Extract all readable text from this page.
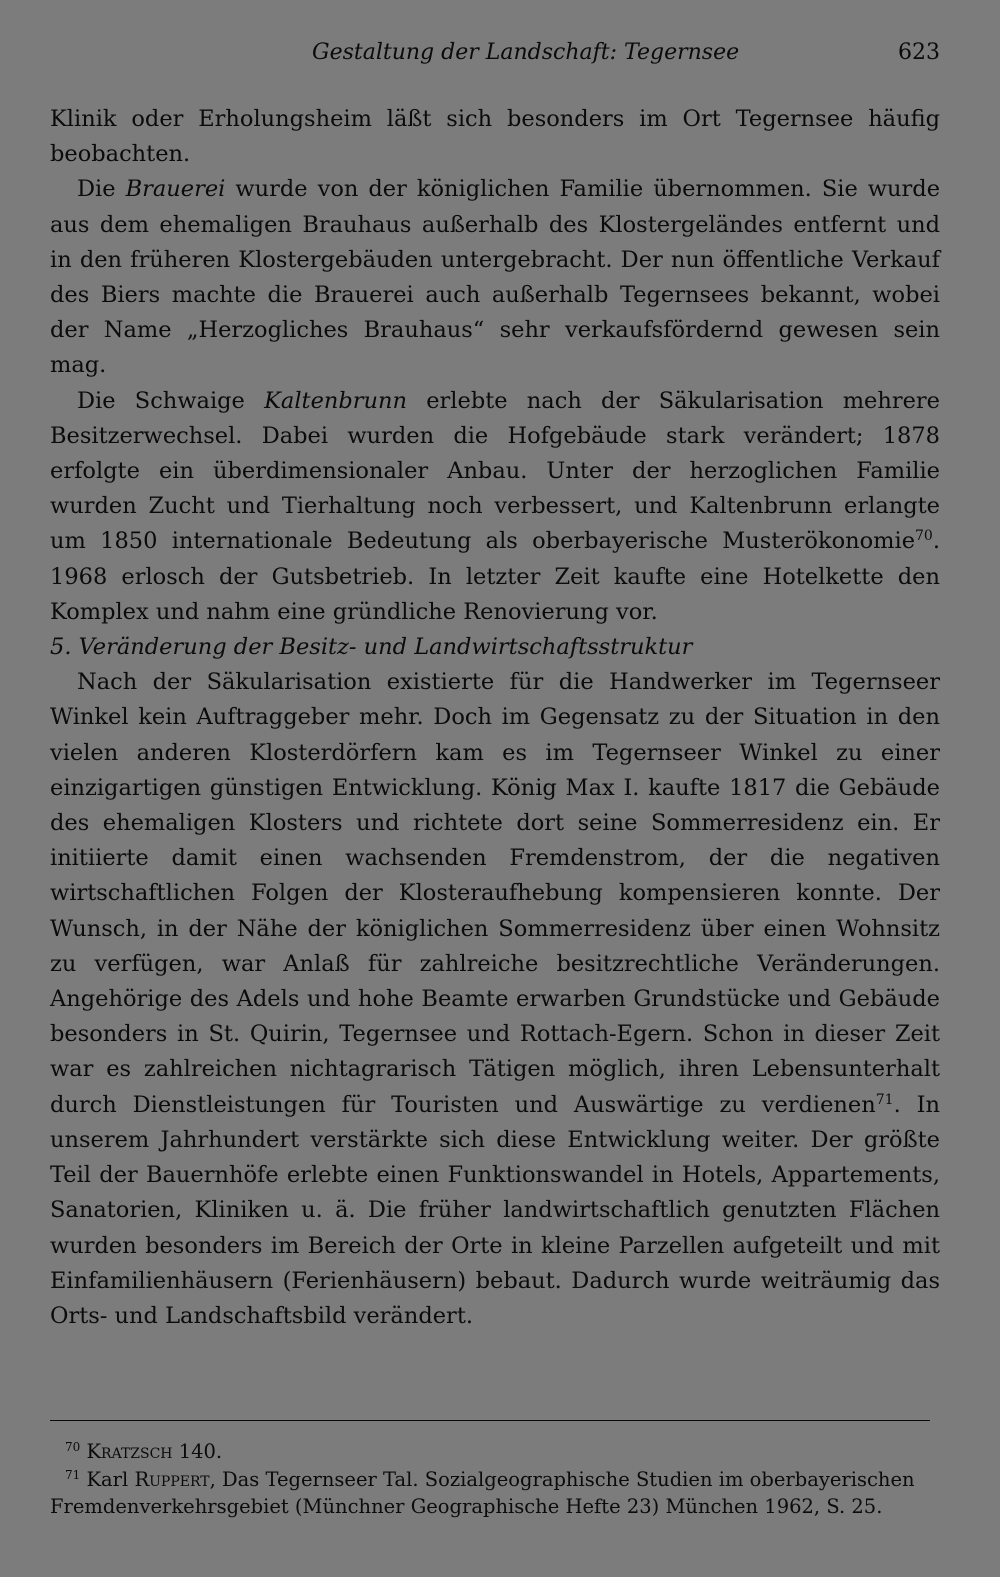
Gestaltung der Landschaft: Tegernsee	623

Klinik oder Erholungsheim läßt sich besonders im Ort Tegernsee häufig beobachten.

Die Brauerei wurde von der königlichen Familie übernommen. Sie wurde aus dem ehemaligen Brauhaus außerhalb des Klostergeländes entfernt und in den früheren Klostergebäuden untergebracht. Der nun öffentliche Verkauf des Biers machte die Brauerei auch außerhalb Tegernsees bekannt, wobei der Name „Herzogliches Brauhaus“ sehr verkaufsfördernd gewesen sein mag.

Die Schwaige Kaltenbrunn erlebte nach der Säkularisation mehrere Besitzerwechsel. Dabei wurden die Hofgebäude stark verändert; 1878 erfolgte ein überdimensionaler Anbau. Unter der herzoglichen Familie wurden Zucht und Tierhaltung noch verbessert, und Kaltenbrunn erlangte um 1850 internationale Bedeutung als oberbayerische Musterökonomie$^{70}$. 1968 erlosch der Gutsbetrieb. In letzter Zeit kaufte eine Hotelkette den Komplex und nahm eine gründliche Renovierung vor.

5. Veränderung der Besitz- und Landwirtschaftsstruktur

Nach der Säkularisation existierte für die Handwerker im Tegernseer Winkel kein Auftraggeber mehr. Doch im Gegensatz zu der Situation in den vielen anderen Klosterdörfern kam es im Tegernseer Winkel zu einer einzigartigen günstigen Entwicklung. König Max I. kaufte 1817 die Gebäude des ehemaligen Klosters und richtete dort seine Sommerresidenz ein. Er initiierte damit einen wachsenden Fremdenstrom, der die negativen wirtschaftlichen Folgen der Klosteraufhebung kompensieren konnte. Der Wunsch, in der Nähe der königlichen Sommerresidenz über einen Wohnsitz zu verfügen, war Anlaß für zahlreiche besitzrechtliche Veränderungen. Angehörige des Adels und hohe Beamte erwarben Grundstücke und Gebäude besonders in St. Quirin, Tegernsee und Rottach-Egern. Schon in dieser Zeit war es zahlreichen nichtagrarisch Tätigen möglich, ihren Lebensunterhalt durch Dienstleistungen für Touristen und Auswärtige zu verdienen$^{71}$. In unserem Jahrhundert verstärkte sich diese Entwicklung weiter. Der größte Teil der Bauernhöfe erlebte einen Funktionswandel in Hotels, Appartements, Sanatorien, Kliniken u. ä. Die früher landwirtschaftlich genutzten Flächen wurden besonders im Bereich der Orte in kleine Parzellen aufgeteilt und mit Einfamilienhäusern (Ferienhäusern) bebaut. Dadurch wurde weiträumig das Orts- und Landschaftsbild verändert.

$^{70}$ Kratzsch 140.

$^{71}$ Karl Ruppert, Das Tegernseer Tal. Sozialgeographische Studien im oberbayerischen Fremdenverkehrsgebiet (Münchner Geographische Hefte 23) München 1962, S. 25.
